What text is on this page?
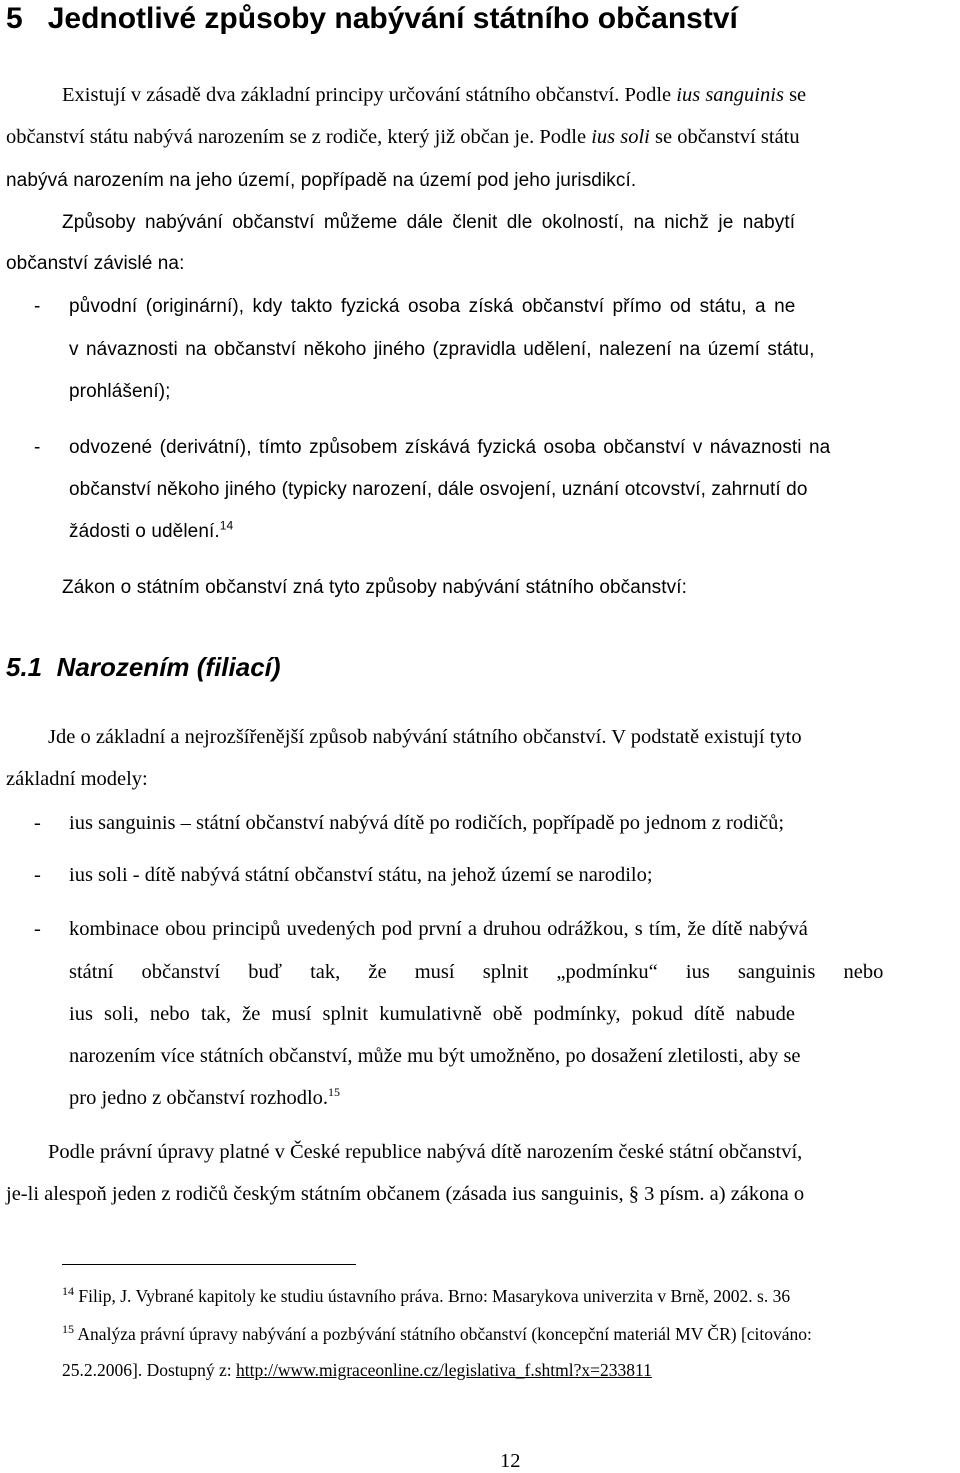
5 Jednotlivé způsoby nabývání státního občanství
Existují v zásadě dva základní principy určování státního občanství. Podle ius sanguinis se
občanství státu nabývá narozením se z rodiče, který již občan je. Podle ius soli se občanství státu
nabývá narozením na jeho území, popřípadě na území pod jeho jurisdikcí.
Způsoby nabývání občanství můžeme dále členit dle okolností, na nichž je nabytí
občanství závislé na:
- původní (originární), kdy takto fyzická osoba získá občanství přímo od státu, a ne
v návaznosti na občanství někoho jiného (zpravidla udělení, nalezení na území státu,
prohlášení);
- odvozené (derivátní), tímto způsobem získává fyzická osoba občanství v návaznosti na
občanství někoho jiného (typicky narození, dále osvojení, uznání otcovství, zahrnutí do
žádosti o udělení.$^{14}$
Zákon o státním občanství zná tyto způsoby nabývání státního občanství:
5.1 Narozením (filiací)
Jde o základní a nejrozšířenější způsob nabývání státního občanství. V podstatě existují tyto
základní modely:
- ius sanguinis – státní občanství nabývá dítě po rodičích, popřípadě po jednom z rodičů;
- ius soli - dítě nabývá státní občanství státu, na jehož území se narodilo;
- kombinace obou principů uvedených pod první a druhou odrážkou, s tím, že dítě nabývá
státní občanství buď tak, že musí splnit „podmínku“ ius sanguinis nebo
ius soli, nebo tak, že musí splnit kumulativně obě podmínky, pokud dítě nabude
narozením více státních občanství, může mu být umožněno, po dosažení zletilosti, aby se
pro jedno z občanství rozhodlo.$^{15}$
Podle právní úpravy platné v České republice nabývá dítě narozením české státní občanství,
je-li alespoň jeden z rodičů českým státním občanem (zásada ius sanguinis, § 3 písm. a) zákona o
$^{14}$ Filip, J. Vybrané kapitoly ke studiu ústavního práva. Brno: Masarykova univerzita v Brně, 2002. s. 36
$^{15}$ Analýza právní úpravy nabývání a pozbývání státního občanství (koncepční materiál MV ČR) [citováno:
25.2.2006]. Dostupný z: http://www.migraceonline.cz/legislativa_f.shtml?x=233811
12
